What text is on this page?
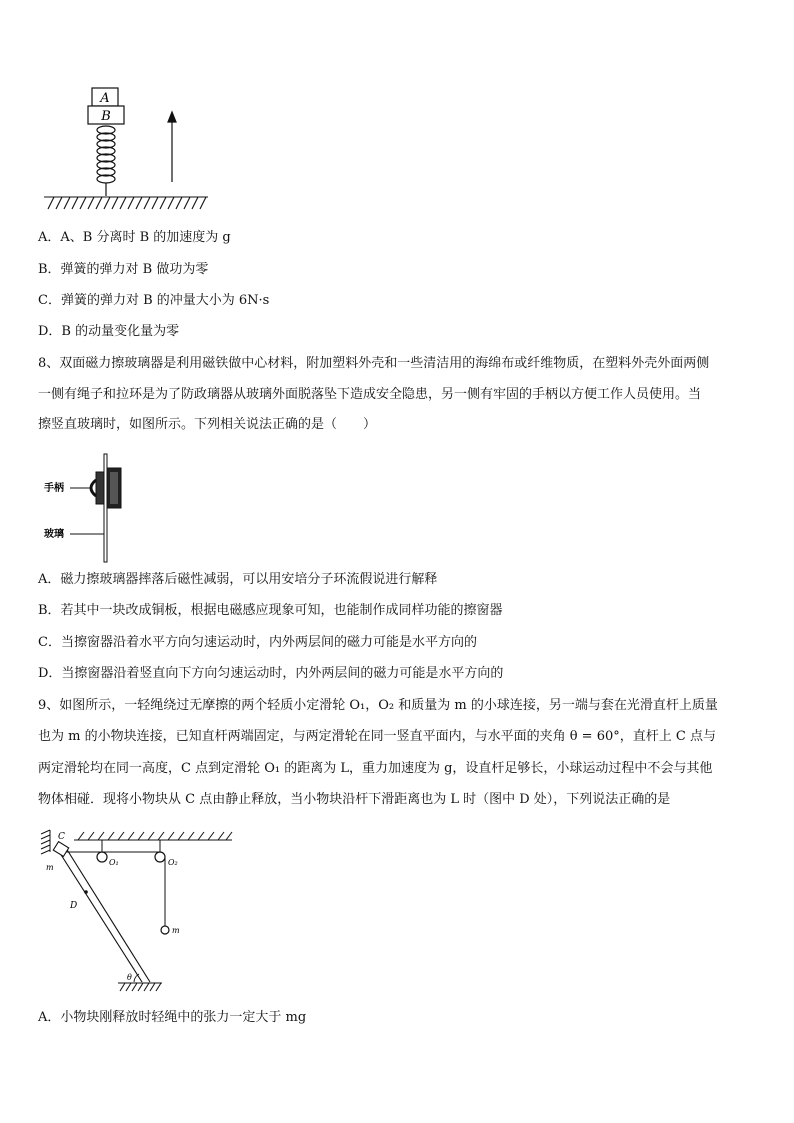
A
B
A．A、B 分离时 B 的加速度为 g
B．弹簧的弹力对 B 做功为零
C．弹簧的弹力对 B 的冲量大小为 6N·s
D．B 的动量变化量为零
8、双面磁力擦玻璃器是利用磁铁做中心材料，附加塑料外壳和一些清洁用的海绵布或纤维物质，在塑料外壳外面两侧
一侧有绳子和拉环是为了防政璃器从玻璃外面脱落坠下造成安全隐患，另一侧有牢固的手柄以方便工作人员使用。当
擦竖直玻璃时，如图所示。下列相关说法正确的是（　　）
手柄
玻璃
A．磁力擦玻璃器摔落后磁性减弱，可以用安培分子环流假说进行解释
B．若其中一块改成铜板，根据电磁感应现象可知，也能制作成同样功能的擦窗器
C．当擦窗器沿着水平方向匀速运动时，内外两层间的磁力可能是水平方向的
D．当擦窗器沿着竖直向下方向匀速运动时，内外两层间的磁力可能是水平方向的
9、如图所示，一轻绳绕过无摩擦的两个轻质小定滑轮 O₁，O₂ 和质量为 m 的小球连接，另一端与套在光滑直杆上质量
也为 m 的小物块连接，已知直杆两端固定，与两定滑轮在同一竖直平面内，与水平面的夹角 θ = 60°，直杆上 C 点与
两定滑轮均在同一高度，C 点到定滑轮 O₁ 的距离为 L，重力加速度为 g，设直杆足够长，小球运动过程中不会与其他
物体相碰．现将小物块从 C 点由静止释放，当小物块沿杆下滑距离也为 L 时（图中 D 处），下列说法正确的是
O₁	O₂
m
C
m
D
θ
A．小物块刚释放时轻绳中的张力一定大于 mg
